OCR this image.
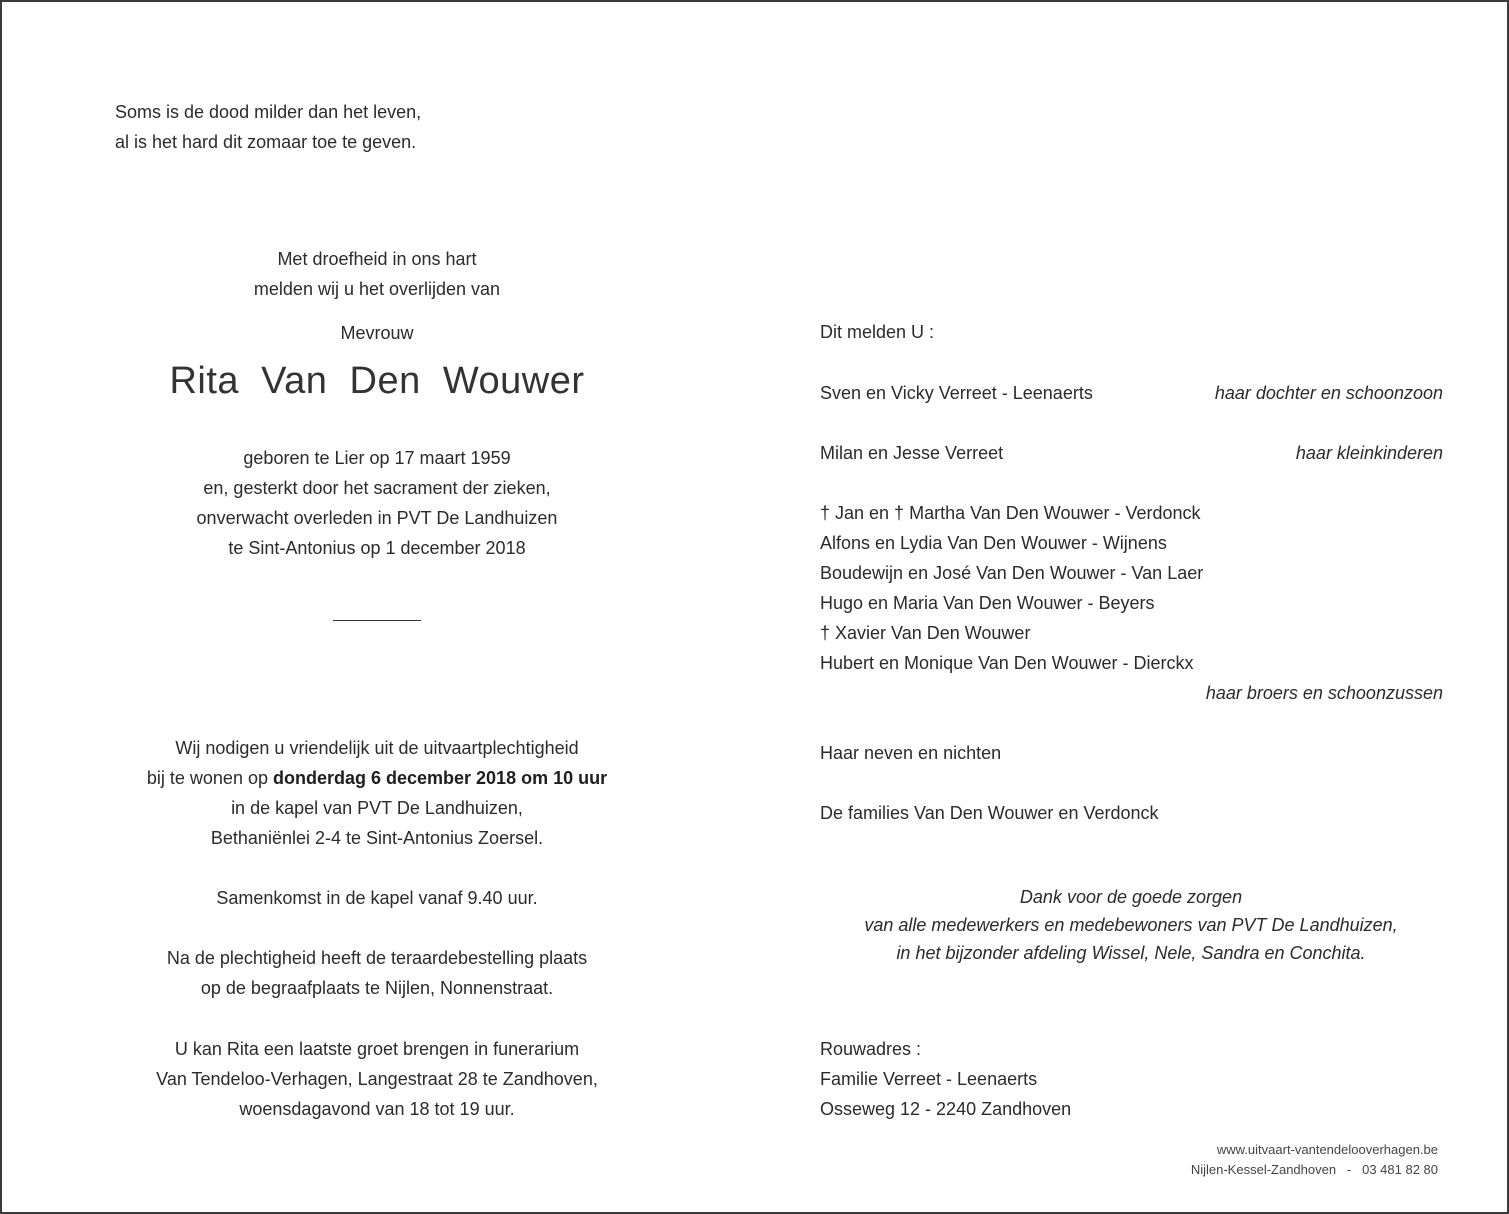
Soms is de dood milder dan het leven,
al is het hard dit zomaar toe te geven.
Met droefheid in ons hart
melden wij u het overlijden van
Mevrouw
Rita  Van  Den  Wouwer
geboren te Lier op 17 maart 1959
en, gesterkt door het sacrament der zieken,
onverwacht overleden in PVT De Landhuizen
te Sint-Antonius op 1 december 2018
Wij nodigen u vriendelijk uit de uitvaartplechtigheid
bij te wonen op donderdag 6 december 2018 om 10 uur
in de kapel van PVT De Landhuizen,
Bethaniënlei 2-4 te Sint-Antonius Zoersel.
Samenkomst in de kapel vanaf 9.40 uur.
Na de plechtigheid heeft de teraardebestelling plaats
op de begraafplaats te Nijlen, Nonnenstraat.
U kan Rita een laatste groet brengen in funerarium
Van Tendeloo-Verhagen, Langestraat 28 te Zandhoven,
woensdagavond van 18 tot 19 uur.
Dit melden U :
Sven en Vicky Verreet - Leenaerts	haar dochter en schoonzoon
Milan en Jesse Verreet	haar kleinkinderen
† Jan en † Martha Van Den Wouwer - Verdonck
Alfons en Lydia Van Den Wouwer - Wijnens
Boudewijn en José Van Den Wouwer - Van Laer
Hugo en Maria Van Den Wouwer - Beyers
† Xavier Van Den Wouwer
Hubert en Monique Van Den Wouwer - Dierckx
haar broers en schoonzussen
Haar neven en nichten
De families Van Den Wouwer en Verdonck
Dank voor de goede zorgen
van alle medewerkers en medebewoners van PVT De Landhuizen,
in het bijzonder afdeling Wissel, Nele, Sandra en Conchita.
Rouwadres :
Familie Verreet - Leenaerts
Osseweg 12 - 2240 Zandhoven
www.uitvaart-vantendelooverhagen.be
Nijlen-Kessel-Zandhoven   -   03 481 82 80
